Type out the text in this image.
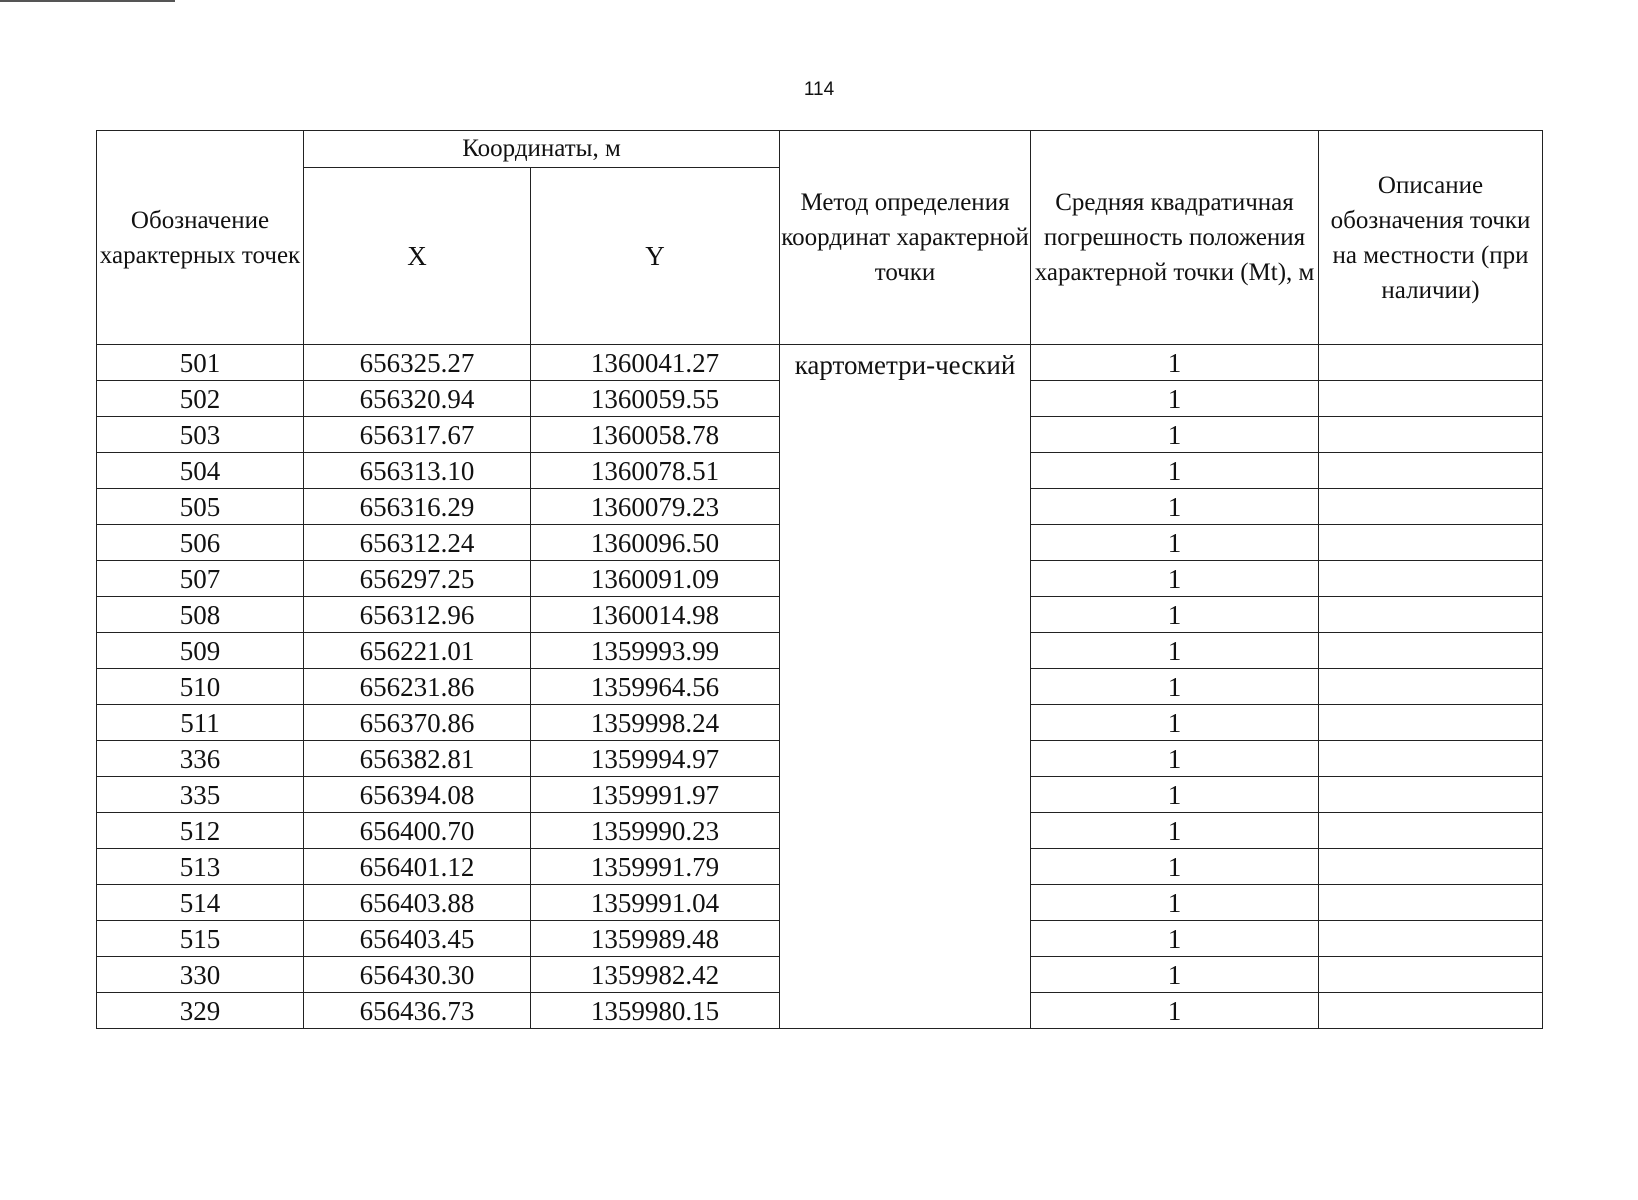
114
Обозначение характерных точек	Координаты, м		Метод определения координат характерной точки	Средняя квадратичная погрешность положения характерной точки (Mt), м	Описание обозначения точки на местности (при наличии)
	X	Y			
501	656325.27	1360041.27	картометри-ческий	1	
502	656320.94	1360059.55		1	
503	656317.67	1360058.78		1	
504	656313.10	1360078.51		1	
505	656316.29	1360079.23		1	
506	656312.24	1360096.50		1	
507	656297.25	1360091.09		1	
508	656312.96	1360014.98		1	
509	656221.01	1359993.99		1	
510	656231.86	1359964.56		1	
511	656370.86	1359998.24		1	
336	656382.81	1359994.97		1	
335	656394.08	1359991.97		1	
512	656400.70	1359990.23		1	
513	656401.12	1359991.79		1	
514	656403.88	1359991.04		1	
515	656403.45	1359989.48		1	
330	656430.30	1359982.42		1	
329	656436.73	1359980.15		1	
